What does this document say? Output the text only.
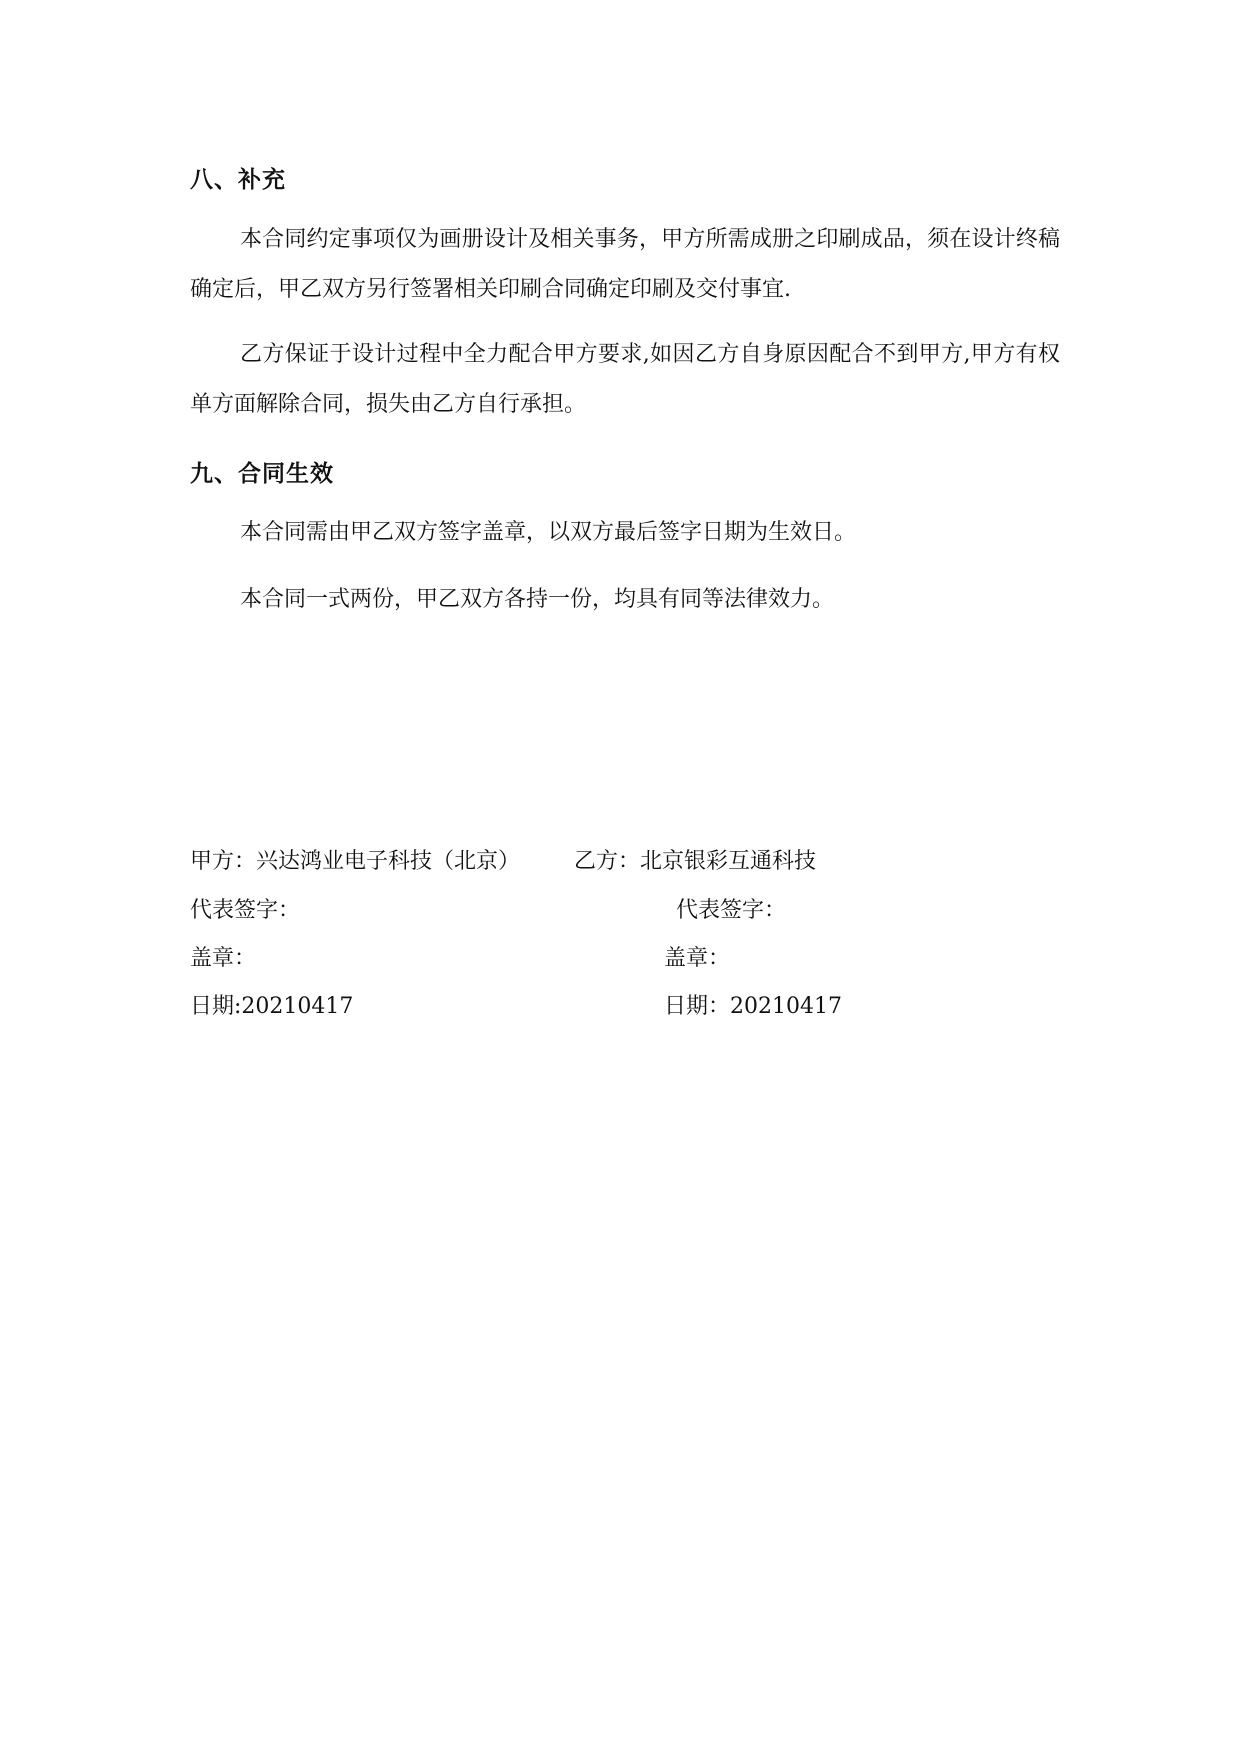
八、补充

本合同约定事项仅为画册设计及相关事务，甲方所需成册之印刷成品，须在设计终稿确定后，甲乙双方另行签署相关印刷合同确定印刷及交付事宜.

乙方保证于设计过程中全力配合甲方要求,如因乙方自身原因配合不到甲方,甲方有权单方面解除合同，损失由乙方自行承担。

九、合同生效

本合同需由甲乙双方签字盖章，以双方最后签字日期为生效日。

本合同一式两份，甲乙双方各持一份，均具有同等法律效力。

甲方：兴达鸿业电子科技（北京） 乙方：北京银彩互通科技
代表签字：	代表签字：
盖章：	盖章：
日期:20210417	日期：20210417
